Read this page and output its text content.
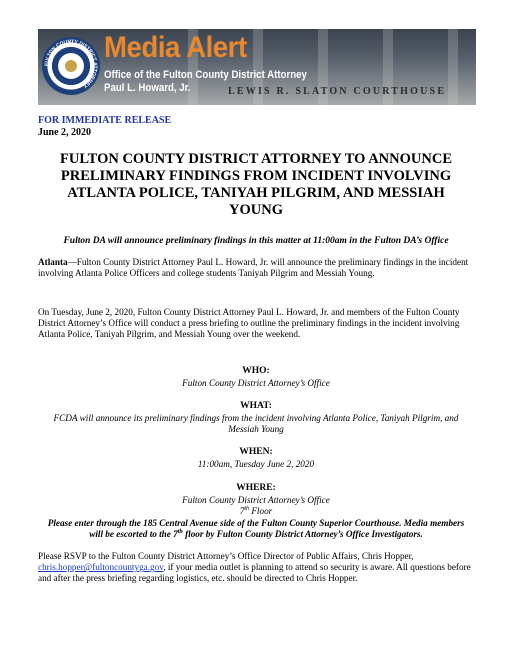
FULTON COUNTY DISTRICT ATTORNEY
Media Alert
Office of the Fulton County District Attorney
Paul L. Howard, Jr.	LEWIS R. SLATON COURTHOUSE
FOR IMMEDIATE RELEASE
June 2, 2020
FULTON COUNTY DISTRICT ATTORNEY TO ANNOUNCE PRELIMINARY FINDINGS FROM INCIDENT INVOLVING ATLANTA POLICE, TANIYAH PILGRIM, AND MESSIAH YOUNG
Fulton DA will announce preliminary findings in this matter at 11:00am in the Fulton DA’s Office
Atlanta—Fulton County District Attorney Paul L. Howard, Jr. will announce the preliminary findings in the incident involving Atlanta Police Officers and college students Taniyah Pilgrim and Messiah Young.
On Tuesday, June 2, 2020, Fulton County District Attorney Paul L. Howard, Jr. and members of the Fulton County District Attorney’s Office will conduct a press briefing to outline the preliminary findings in the incident involving Atlanta Police, Taniyah Pilgrim, and Messiah Young over the weekend.
WHO:
Fulton County District Attorney’s Office
WHAT:
FCDA will announce its preliminary findings from the incident involving Atlanta Police, Taniyah Pilgrim, and Messiah Young
WHEN:
11:00am, Tuesday June 2, 2020
WHERE:
Fulton County District Attorney’s Office
7th Floor
Please enter through the 185 Central Avenue side of the Fulton County Superior Courthouse. Media members will be escorted to the 7th floor by Fulton County District Attorney’s Office Investigators.
Please RSVP to the Fulton County District Attorney’s Office Director of Public Affairs, Chris Hopper, chris.hopper@fultoncountyga.gov, if your media outlet is planning to attend so security is aware. All questions before and after the press briefing regarding logistics, etc. should be directed to Chris Hopper.
